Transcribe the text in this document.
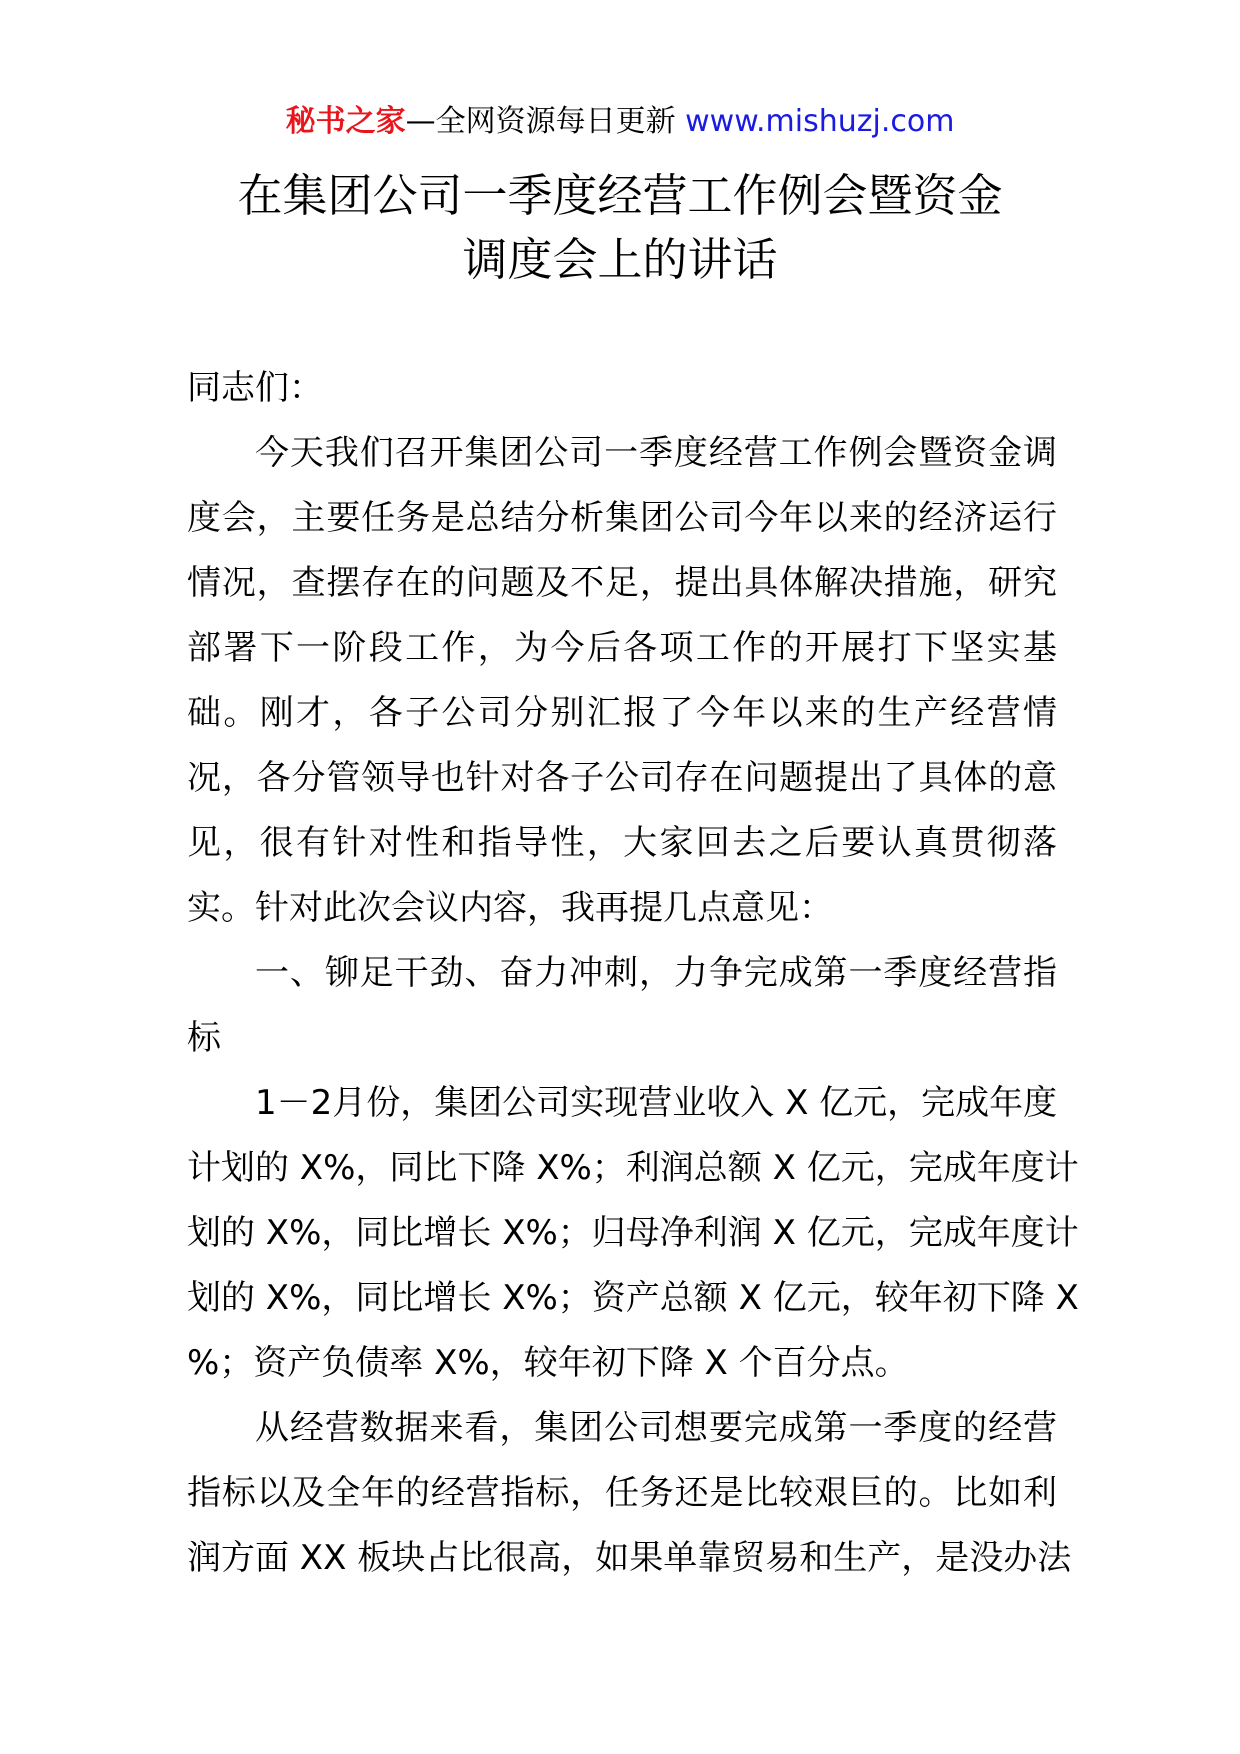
秘书之家—全网资源每日更新 www.mishuzj.com
在集团公司一季度经营工作例会暨资金
调度会上的讲话
同志们：
今天我们召开集团公司一季度经营工作例会暨资金调
度会，主要任务是总结分析集团公司今年以来的经济运行
情况，查摆存在的问题及不足，提出具体解决措施，研究
部署下一阶段工作，为今后各项工作的开展打下坚实基
础。刚才，各子公司分别汇报了今年以来的生产经营情
况，各分管领导也针对各子公司存在问题提出了具体的意
见，很有针对性和指导性，大家回去之后要认真贯彻落
实。针对此次会议内容，我再提几点意见：
一、铆足干劲、奋力冲刺，力争完成第一季度经营指
标
1－2月份，集团公司实现营业收入 X 亿元，完成年度
计划的 X%，同比下降 X%；利润总额 X 亿元，完成年度计
划的 X%，同比增长 X%；归母净利润 X 亿元，完成年度计
划的 X%，同比增长 X%；资产总额 X 亿元，较年初下降 X
%；资产负债率 X%，较年初下降 X 个百分点。
从经营数据来看，集团公司想要完成第一季度的经营
指标以及全年的经营指标，任务还是比较艰巨的。比如利
润方面 XX 板块占比很高，如果单靠贸易和生产，是没办法
